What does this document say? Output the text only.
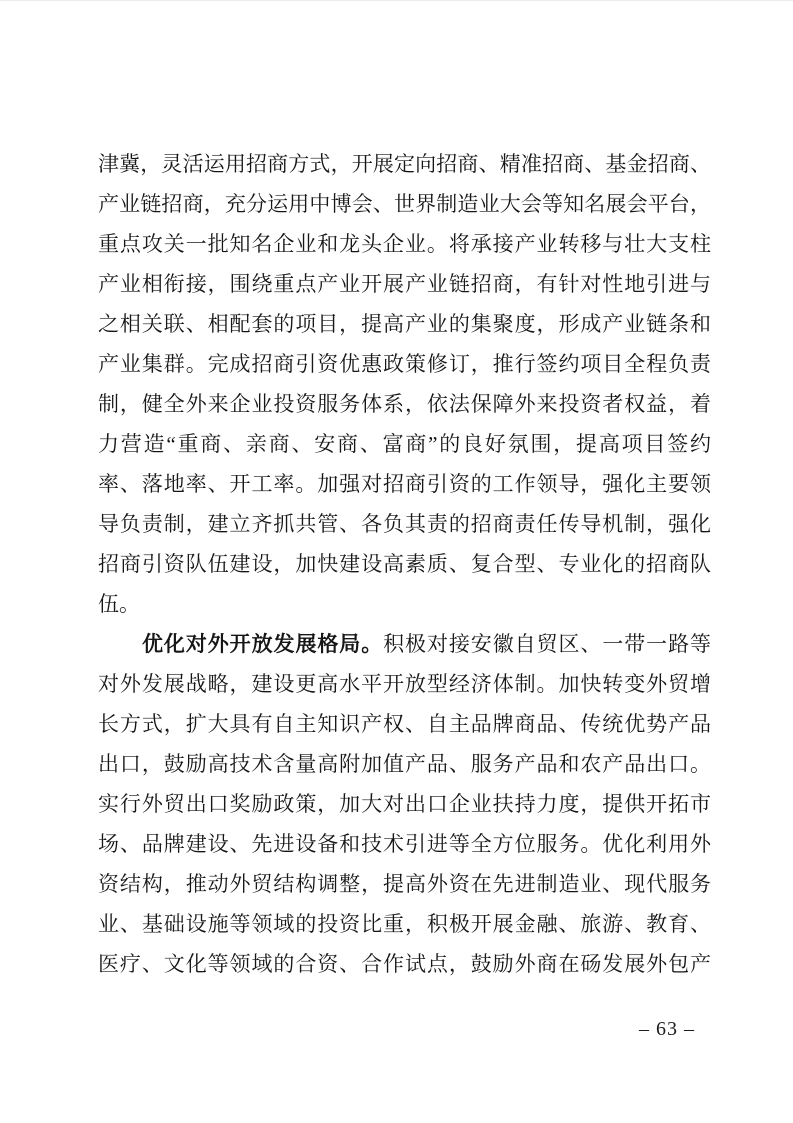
津冀，灵活运用招商方式，开展定向招商、精准招商、基金招商、
产业链招商，充分运用中博会、世界制造业大会等知名展会平台，
重点攻关一批知名企业和龙头企业。将承接产业转移与壮大支柱
产业相衔接，围绕重点产业开展产业链招商，有针对性地引进与
之相关联、相配套的项目，提高产业的集聚度，形成产业链条和
产业集群。完成招商引资优惠政策修订，推行签约项目全程负责
制，健全外来企业投资服务体系，依法保障外来投资者权益，着
力营造“重商、亲商、安商、富商”的良好氛围，提高项目签约
率、落地率、开工率。加强对招商引资的工作领导，强化主要领
导负责制，建立齐抓共管、各负其责的招商责任传导机制，强化
招商引资队伍建设，加快建设高素质、复合型、专业化的招商队
伍。
优化对外开放发展格局。积极对接安徽自贸区、一带一路等
对外发展战略，建设更高水平开放型经济体制。加快转变外贸增
长方式，扩大具有自主知识产权、自主品牌商品、传统优势产品
出口，鼓励高技术含量高附加值产品、服务产品和农产品出口。
实行外贸出口奖励政策，加大对出口企业扶持力度，提供开拓市
场、品牌建设、先进设备和技术引进等全方位服务。优化利用外
资结构，推动外贸结构调整，提高外资在先进制造业、现代服务
业、基础设施等领域的投资比重，积极开展金融、旅游、教育、
医疗、文化等领域的合资、合作试点，鼓励外商在砀发展外包产
– 63 –
